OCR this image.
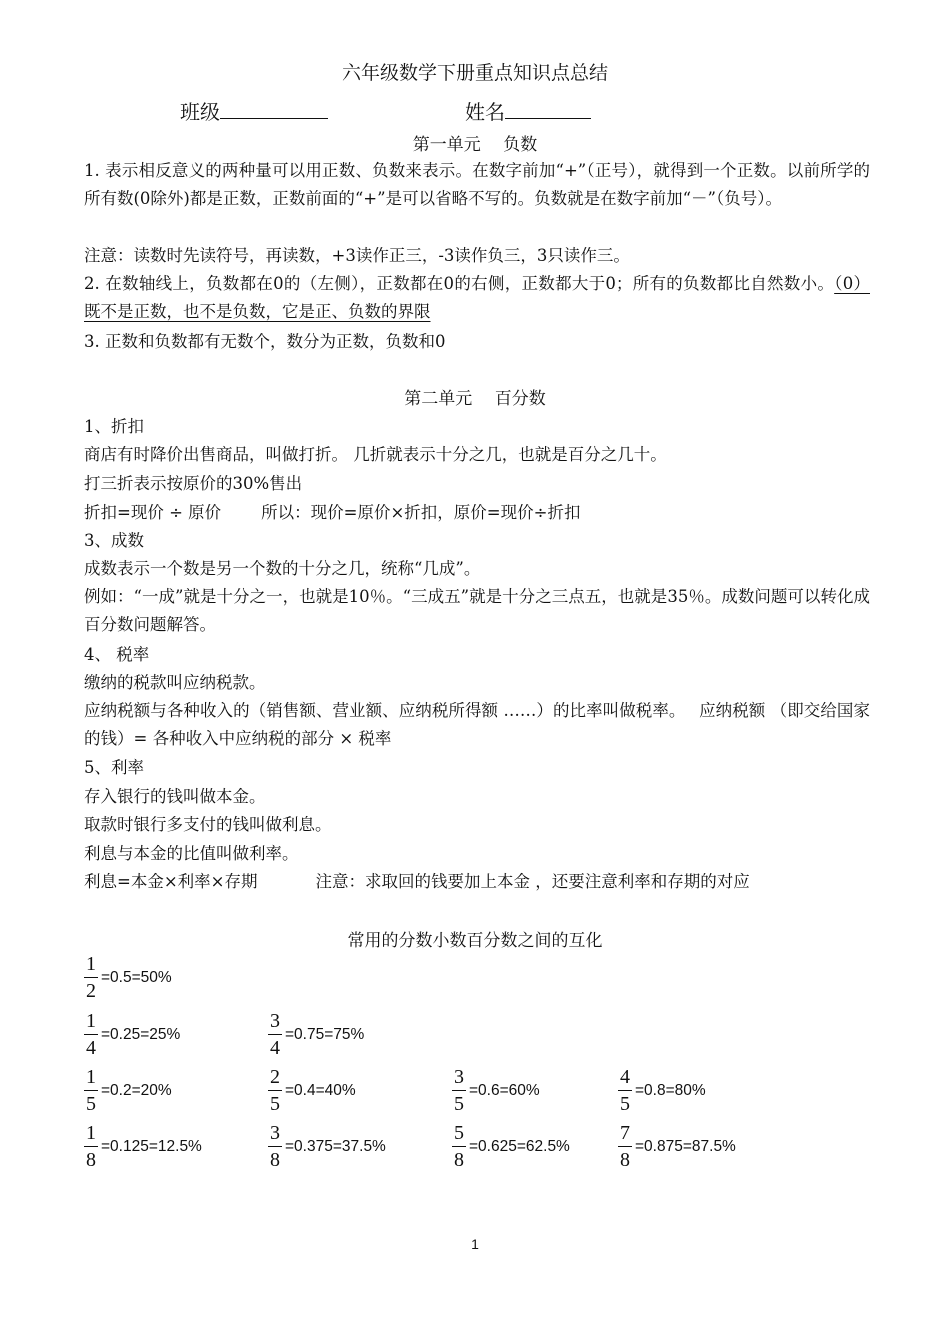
六年级数学下册重点知识点总结
班级	姓名
第一单元　 负数
1. 表示相反意义的两种量可以用正数、负数来表示。在数字前加“+”（正号），就得到一个正数。以前所学的所有数(0除外)都是正数，正数前面的“+”是可以省略不写的。负数就是在数字前加“－”（负号）。
注意：读数时先读符号，再读数，+3读作正三，-3读作负三，3只读作三。
2. 在数轴线上，负数都在0的（左侧），正数都在0的右侧，正数都大于0；所有的负数都比自然数小。（0）既不是正数，也不是负数，它是正、负数的界限
3. 正数和负数都有无数个，数分为正数，负数和0
第二单元　 百分数
1、折扣
商店有时降价出售商品，叫做打折。 几折就表示十分之几，也就是百分之几十。
打三折表示按原价的30%售出
折扣=现价 ÷ 原价 所以：现价=原价×折扣，原价=现价÷折扣
3、成数
成数表示一个数是另一个数的十分之几，统称“几成”。
例如：“一成”就是十分之一，也就是10％。“三成五”就是十分之三点五，也就是35％。成数问题可以转化成百分数问题解答。
4、 税率
缴纳的税款叫应纳税款。
应纳税额与各种收入的（销售额、营业额、应纳税所得额 ……）的比率叫做税率。　 应纳税额 （即交给国家的钱）= 各种收入中应纳税的部分 × 税率
5、利率
存入银行的钱叫做本金。
取款时银行多支付的钱叫做利息。
利息与本金的比值叫做利率。
利息=本金×利率×存期	注意：求取回的钱要加上本金 ，还要注意利率和存期的对应
常用的分数小数百分数之间的互化
1
2
=0.5=50%
1
4
=0.25=25%
3
4
=0.75=75%
1
5
=0.2=20%
2
5
=0.4=40%
3
5
=0.6=60%
4
5
=0.8=80%
1
8
=0.125=12.5%
3
8
=0.375=37.5%
5
8
=0.625=62.5%
7
8
=0.875=87.5%
1
